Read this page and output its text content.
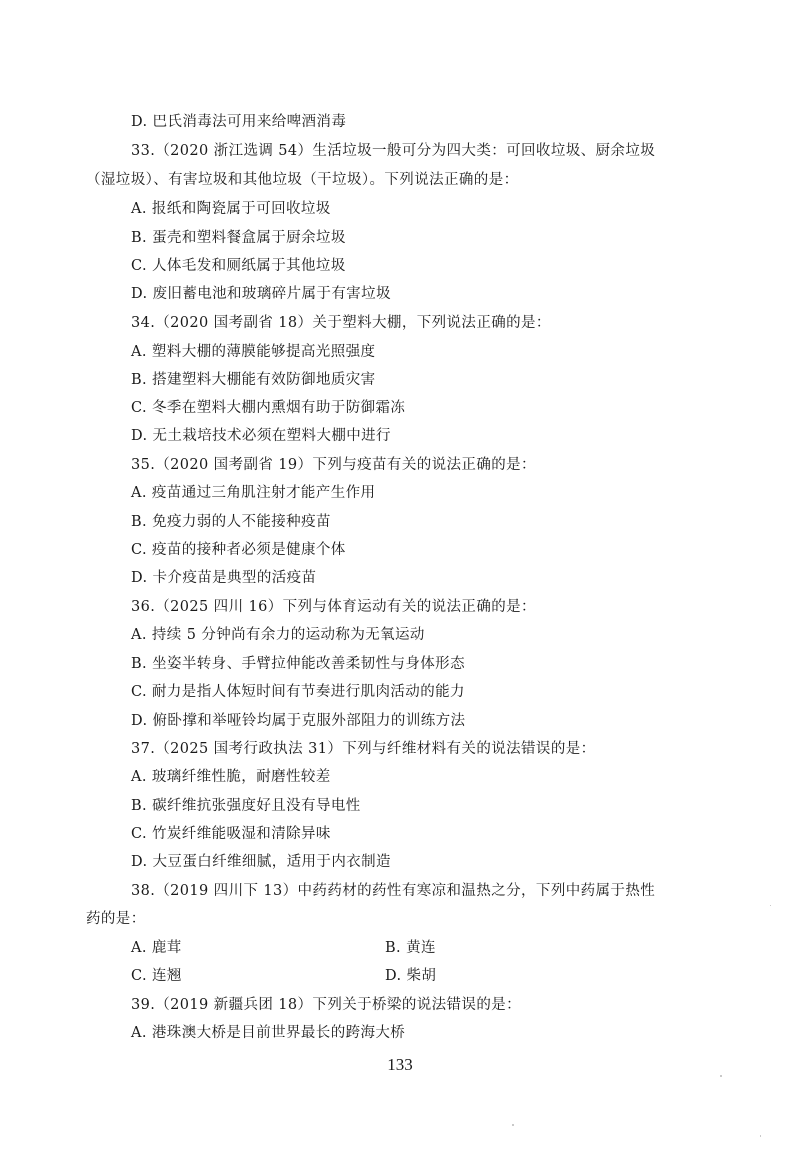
D. 巴氏消毒法可用来给啤酒消毒
33.（2020 浙江选调 54）生活垃圾一般可分为四大类：可回收垃圾、厨余垃圾
（湿垃圾）、有害垃圾和其他垃圾（干垃圾）。下列说法正确的是：
A. 报纸和陶瓷属于可回收垃圾
B. 蛋壳和塑料餐盒属于厨余垃圾
C. 人体毛发和厕纸属于其他垃圾
D. 废旧蓄电池和玻璃碎片属于有害垃圾
34.（2020 国考副省 18）关于塑料大棚，下列说法正确的是：
A. 塑料大棚的薄膜能够提高光照强度
B. 搭建塑料大棚能有效防御地质灾害
C. 冬季在塑料大棚内熏烟有助于防御霜冻
D. 无土栽培技术必须在塑料大棚中进行
35.（2020 国考副省 19）下列与疫苗有关的说法正确的是：
A. 疫苗通过三角肌注射才能产生作用
B. 免疫力弱的人不能接种疫苗
C. 疫苗的接种者必须是健康个体
D. 卡介疫苗是典型的活疫苗
36.（2025 四川 16）下列与体育运动有关的说法正确的是：
A. 持续 5 分钟尚有余力的运动称为无氧运动
B. 坐姿半转身、手臂拉伸能改善柔韧性与身体形态
C. 耐力是指人体短时间有节奏进行肌肉活动的能力
D. 俯卧撑和举哑铃均属于克服外部阻力的训练方法
37.（2025 国考行政执法 31）下列与纤维材料有关的说法错误的是：
A. 玻璃纤维性脆，耐磨性较差
B. 碳纤维抗张强度好且没有导电性
C. 竹炭纤维能吸湿和清除异味
D. 大豆蛋白纤维细腻，适用于内衣制造
38.（2019 四川下 13）中药药材的药性有寒凉和温热之分，下列中药属于热性
药的是：
A. 鹿茸	B. 黄连
C. 连翘	D. 柴胡
39.（2019 新疆兵团 18）下列关于桥梁的说法错误的是：
A. 港珠澳大桥是目前世界最长的跨海大桥
133
